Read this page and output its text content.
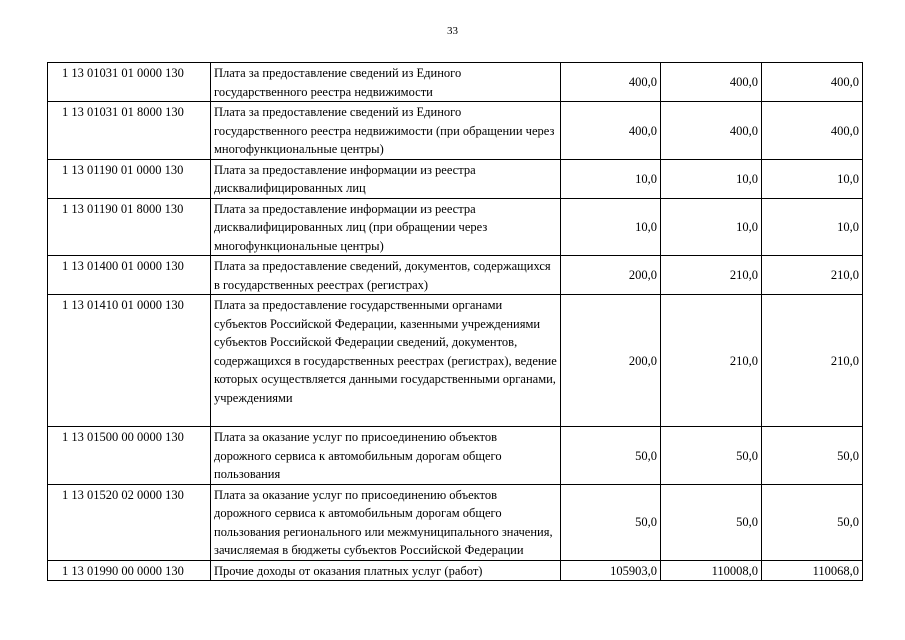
33
1 13 01031 01 0000 130	Плата за предоставление сведений из Единого государственного реестра недвижимости	400,0	400,0	400,0
1 13 01031 01 8000 130	Плата за предоставление сведений из Единого государственного реестра недвижимости (при обращении через многофункциональные центры)	400,0	400,0	400,0
1 13 01190 01 0000 130	Плата за предоставление информации из реестра дисквалифицированных лиц	10,0	10,0	10,0
1 13 01190 01 8000 130	Плата за предоставление информации из реестра дисквалифицированных лиц (при обращении через многофункциональные центры)	10,0	10,0	10,0
1 13 01400 01 0000 130	Плата за предоставление сведений, документов, содержащихся в государственных реестрах (регистрах)	200,0	210,0	210,0
1 13 01410 01 0000 130	Плата за предоставление государственными органами субъектов Российской Федерации, казенными учреждениями субъектов Российской Федерации сведений, документов, содержащихся в государственных реестрах (регистрах), ведение которых осуществляется данными государственными органами, учреждениями	200,0	210,0	210,0
1 13 01500 00 0000 130	Плата за оказание услуг по присоединению объектов дорожного сервиса к автомобильным дорогам общего пользования	50,0	50,0	50,0
1 13 01520 02 0000 130	Плата за оказание услуг по присоединению объектов дорожного сервиса к автомобильным дорогам общего пользования регионального или межмуниципального значения, зачисляемая в бюджеты субъектов Российской Федерации	50,0	50,0	50,0
1 13 01990 00 0000 130	Прочие доходы от оказания платных услуг (работ)	105903,0	110008,0	110068,0
